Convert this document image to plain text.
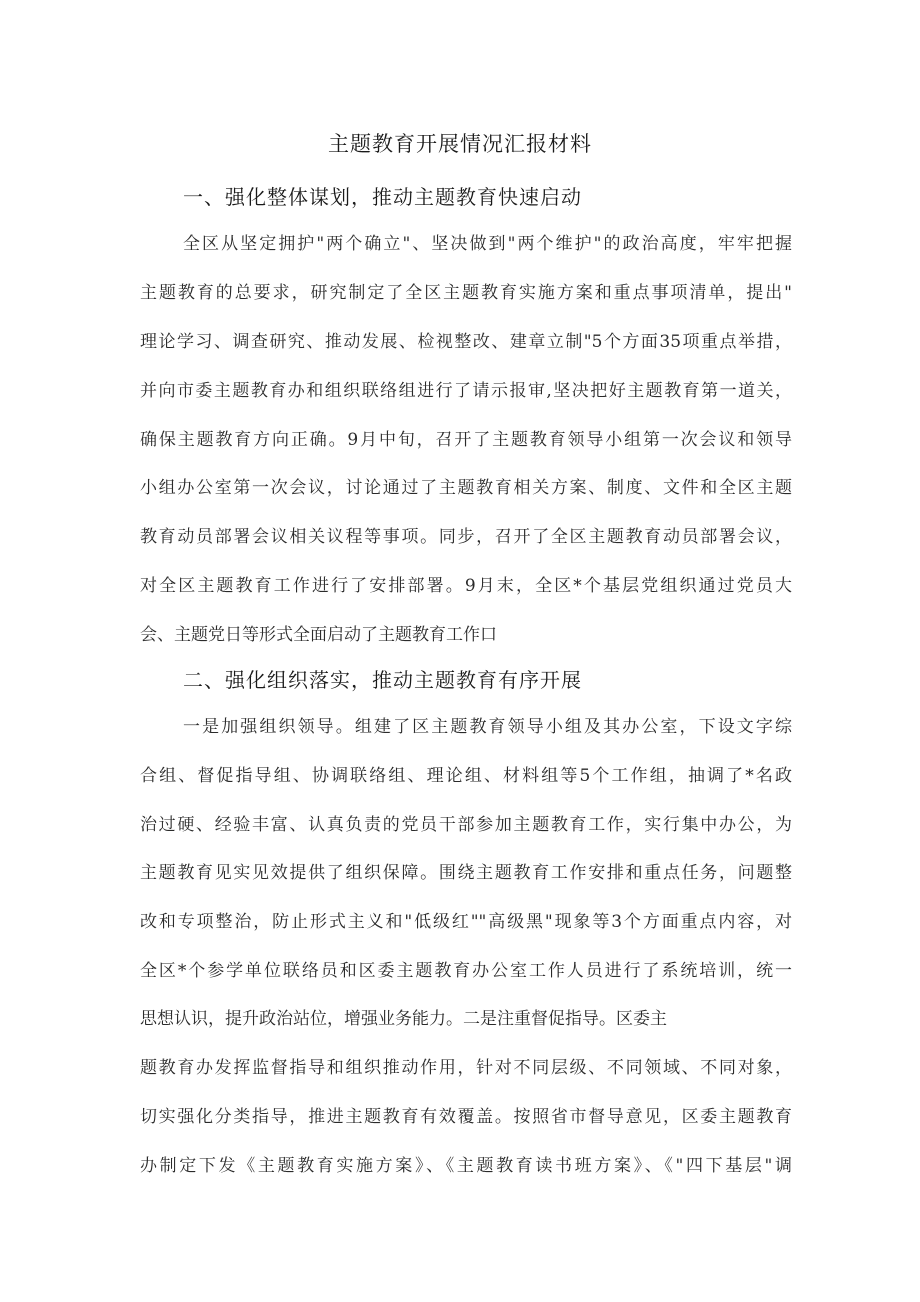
主题教育开展情况汇报材料
一、强化整体谋划，推动主题教育快速启动
全区从坚定拥护"两个确立"、坚决做到"两个维护"的政治高度，牢牢把握
主题教育的总要求，研究制定了全区主题教育实施方案和重点事项清单，提出"
理论学习、调查研究、推动发展、检视整改、建章立制"5个方面35项重点举措，
并向市委主题教育办和组织联络组进行了请示报审,坚决把好主题教育第一道关，
确保主题教育方向正确。9月中旬，召开了主题教育领导小组第一次会议和领导
小组办公室第一次会议，讨论通过了主题教育相关方案、制度、文件和全区主题
教育动员部署会议相关议程等事项。同步，召开了全区主题教育动员部署会议，
对全区主题教育工作进行了安排部署。9月末，全区*个基层党组织通过党员大
会、主题党日等形式全面启动了主题教育工作口
二、强化组织落实，推动主题教育有序开展
一是加强组织领导。组建了区主题教育领导小组及其办公室，下设文字综
合组、督促指导组、协调联络组、理论组、材料组等5个工作组，抽调了*名政
治过硬、经验丰富、认真负责的党员干部参加主题教育工作，实行集中办公，为
主题教育见实见效提供了组织保障。围绕主题教育工作安排和重点任务，问题整
改和专项整治，防止形式主义和"低级红""高级黑"现象等3个方面重点内容，对
全区*个参学单位联络员和区委主题教育办公室工作人员进行了系统培训，统一
思想认识，提升政治站位，增强业务能力。二是注重督促指导。区委主
题教育办发挥监督指导和组织推动作用，针对不同层级、不同领域、不同对象，
切实强化分类指导，推进主题教育有效覆盖。按照省市督导意见，区委主题教育
办制定下发《主题教育实施方案》、《主题教育读书班方案》、《"四下基层"调
